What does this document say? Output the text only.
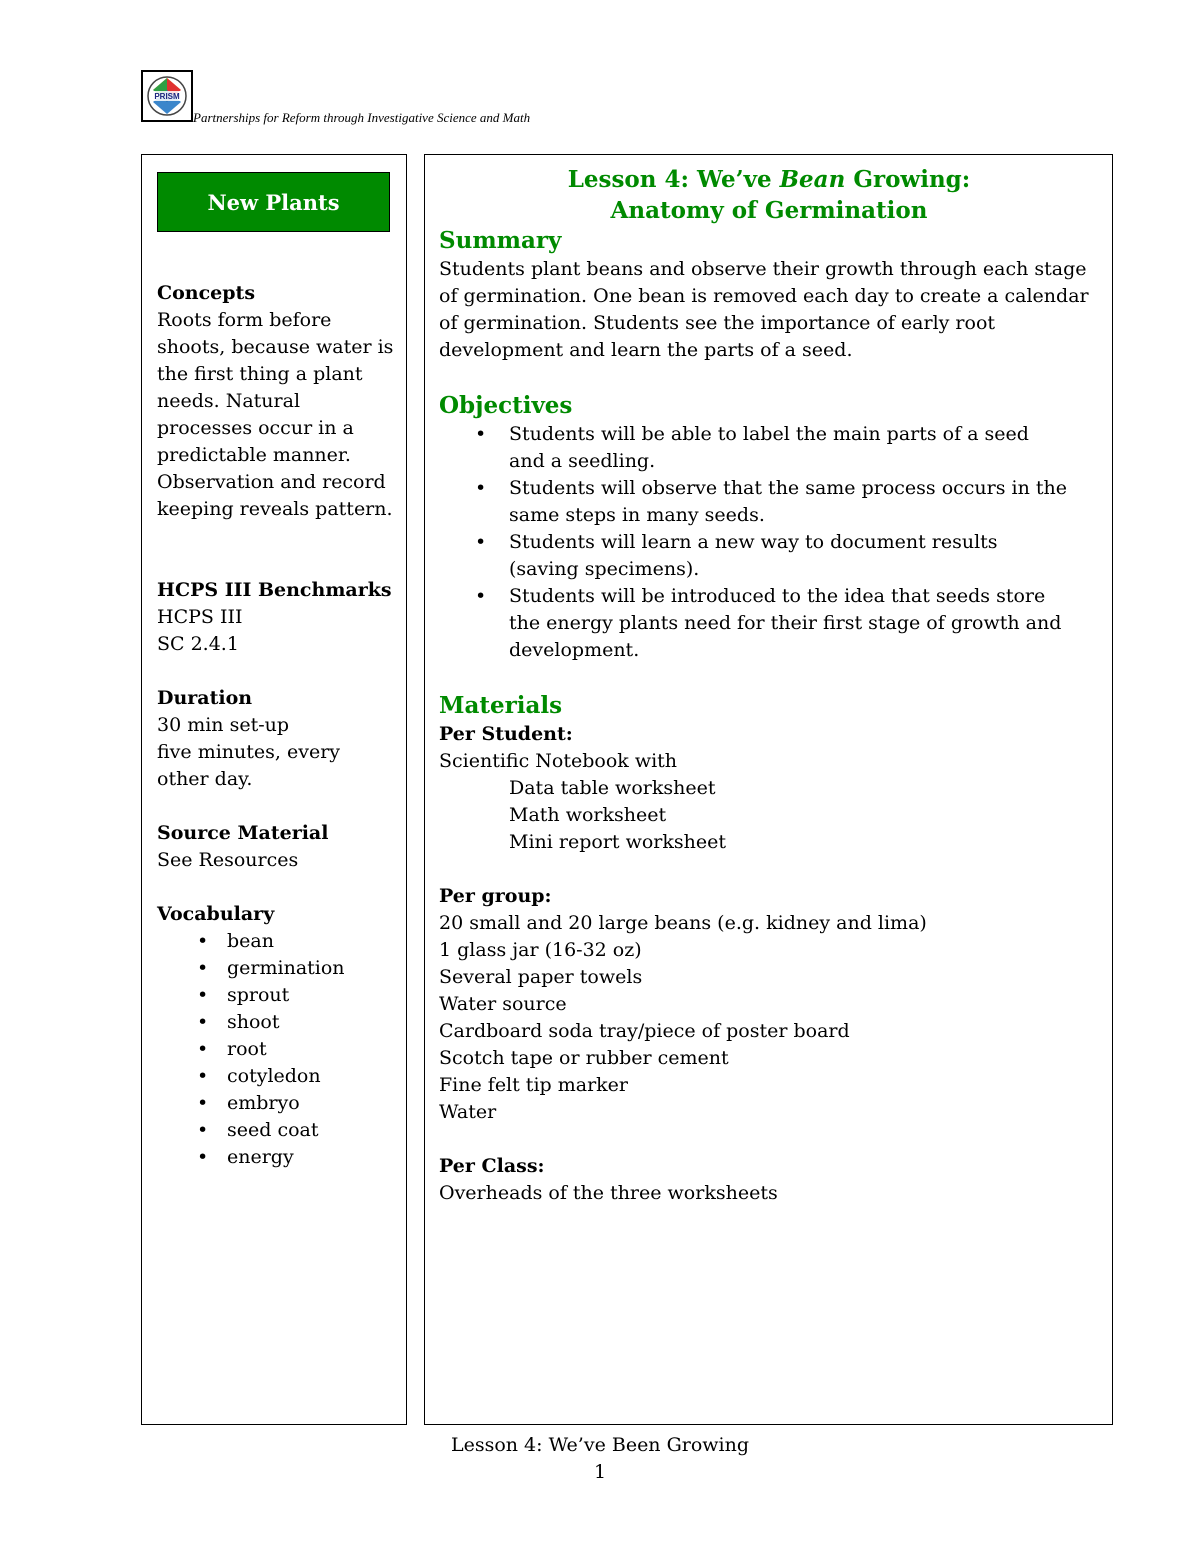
PRISM
Partnerships for Reform through Investigative Science and Math
New Plants
Concepts
Roots form before shoots, because water is the first thing a plant needs. Natural processes occur in a predictable manner. Observation and record keeping reveals pattern.
HCPS III Benchmarks
HCPS III
SC 2.4.1
Duration
30 min set-up
five minutes, every other day.
Source Material
See Resources
Vocabulary
• bean
• germination
• sprout
• shoot
• root
• cotyledon
• embryo
• seed coat
• energy
Lesson 4: We’ve Bean Growing:
Anatomy of Germination
Summary
Students plant beans and observe their growth through each stage of germination. One bean is removed each day to create a calendar of germination. Students see the importance of early root development and learn the parts of a seed.
Objectives
• Students will be able to label the main parts of a seed and a seedling.
• Students will observe that the same process occurs in the same steps in many seeds.
• Students will learn a new way to document results (saving specimens).
• Students will be introduced to the idea that seeds store the energy plants need for their first stage of growth and development.
Materials
Per Student:
Scientific Notebook with
Data table worksheet
Math worksheet
Mini report worksheet
Per group:
20 small and 20 large beans (e.g. kidney and lima)
1 glass jar (16-32 oz)
Several paper towels
Water source
Cardboard soda tray/piece of poster board
Scotch tape or rubber cement
Fine felt tip marker
Water
Per Class:
Overheads of the three worksheets
Lesson 4: We’ve Been Growing
1
